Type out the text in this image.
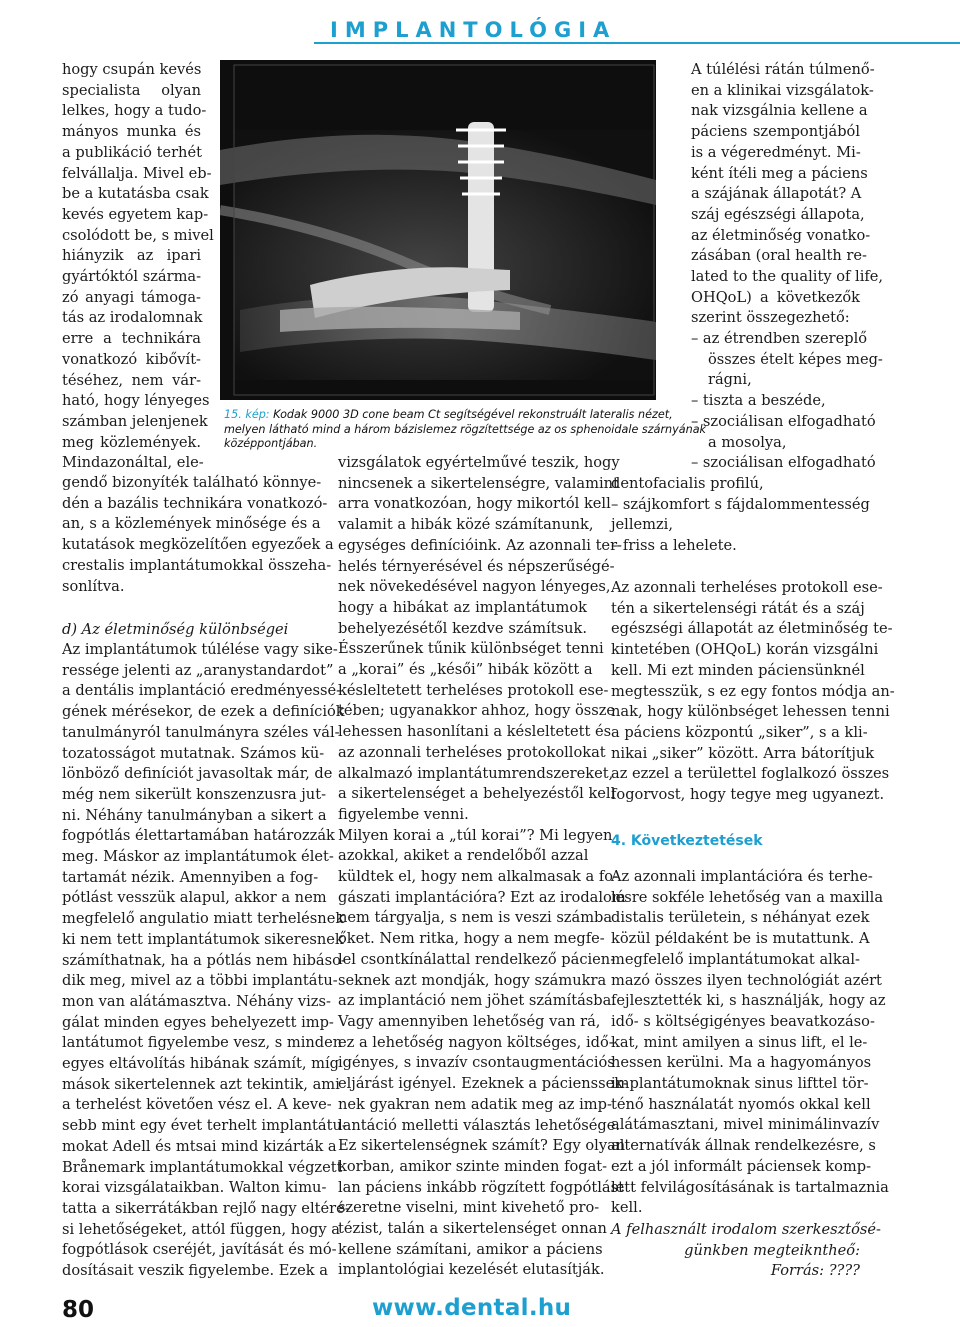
IMPLANTOLÓGIA
hogy csupán kevés
specialista olyan
lelkes, hogy a tudo-
mányos munka és
a publikáció terhét
felvállalja. Mivel eb-
be a kutatásba csak
kevés egyetem kap-
csolódott be, s mivel
hiányzik az ipari
gyártóktól szárma-
zó anyagi támoga-
tás az irodalomnak
erre a technikára
vonatkozó kibővít-
téséhez, nem vár-
ható, hogy lényeges
számban jelenjenek
meg közlemények.
Mindazonáltal, ele-
gendő bizonyíték található könnye-
dén a bazális technikára vonatkozó-
an, s a közlemények minősége és a
kutatások megközelítően egyezőek a
crestalis implantátumokkal összeha-
sonlítva.
d) Az életminőség különbségei
Az implantátumok túlélése vagy sike-
ressége jelenti az „aranystandardot”
a dentális implantáció eredményessé-
gének mérésekor, de ezek a definíciók
tanulmányról tanulmányra széles vál-
tozatosságot mutatnak. Számos kü-
lönböző definíciót javasoltak már, de
még nem sikerült konszenzusra jut-
ni. Néhány tanulmányban a sikert a
fogpótlás élettartamában határozzák
meg. Máskor az implantátumok élet-
tartamát nézik. Amennyiben a fog-
pótlást vesszük alapul, akkor a nem
megfelelő angulatio miatt terhelésnek
ki nem tett implantátumok sikeresnek
számíthatnak, ha a pótlás nem hibáso-
dik meg, mivel az a többi implantátu-
mon van alátámasztva. Néhány vizs-
gálat minden egyes behelyezett imp-
lantátumot figyelembe vesz, s minden
egyes eltávolítás hibának számít, míg
mások sikertelennek azt tekintik, ami
a terhelést követően vész el. A keve-
sebb mint egy évet terhelt implantátu-
mokat Adell és mtsai mind kizárták a
Brånemark implantátumokkal végzett
korai vizsgálataikban. Walton kimu-
tatta a sikerrátákban rejlő nagy eltéré-
si lehetőségeket, attól függen, hogy a
fogpótlások cseréjét, javítását és mó-
dosításait veszik figyelembe. Ezek a
15. kép: Kodak 9000 3D cone beam Ct segítségével rekonstruált lateralis nézet,
melyen látható mind a három bázislemez rögzítettsége az os sphenoidale szárnyának
középpontjában.
vizsgálatok egyértelművé teszik, hogy
nincsenek a sikertelenségre, valamint
arra vonatkozóan, hogy mikortól kell
valamit a hibák közé számítanunk,
egységes definícióink. Az azonnali ter-
helés térnyerésével és népszerűségé-
nek növekedésével nagyon lényeges,
hogy a hibákat az implantátumok
behelyezésétől kezdve számítsuk.
Ésszerűnek tűnik különbséget tenni
a „korai” és „késői” hibák között a
késleltetett terheléses protokoll ese-
tében; ugyanakkor ahhoz, hogy össze
lehessen hasonlítani a késleltetett és
az azonnali terheléses protokollokat
alkalmazó implantátumrendszereket,
a sikertelenséget a behelyezéstől kell
figyelembe venni.
Milyen korai a „túl korai”? Mi legyen
azokkal, akiket a rendelőből azzal
küldtek el, hogy nem alkalmasak a fo-
gászati implantációra? Ezt az irodalom
nem tárgyalja, s nem is veszi számba
őket. Nem ritka, hogy a nem megfe-
lel csontkínálattal rendelkező pácien-
seknek azt mondják, hogy számukra
az implantáció nem jöhet számításba.
Vagy amennyiben lehetőség van rá,
ez a lehetőség nagyon költséges, idő-
igényes, s invazív csontaugmentációs
eljárást igényel. Ezeknek a pácienssek-
nek gyakran nem adatik meg az imp-
lantáció melletti választás lehetősége.
Ez sikertelenségnek számít? Egy olyan
korban, amikor szinte minden fogat-
lan páciens inkább rögzített fogpótlást
szeretne viselni, mint kivehető pro-
tézist, talán a sikertelenséget onnan
kellene számítani, amikor a páciens
implantológiai kezelését elutasítják.
A túlélési rátán túlmenő-
en a klinikai vizsgálatok-
nak vizsgálnia kellene a
páciens szempontjából
is a végeredményt. Mi-
ként ítéli meg a páciens
a szájának állapotát? A
száj egészségi állapota,
az életminőség vonatko-
zásában (oral health re-
lated to the quality of life,
OHQoL) a következők
szerint összegezhető:
– az étrendben szereplő
összes ételt képes meg-
rágni,
– tiszta a beszéde,
– szociálisan elfogadható
a mosolya,
– szociálisan elfogadható
dentofacialis profilú,
– szájkomfort s fájdalommentesség
jellemzi,
– friss a lehelete.
Az azonnali terheléses protokoll ese-
tén a sikertelenségi rátát és a száj
egészségi állapotát az életminőség te-
kintetében (OHQoL) korán vizsgálni
kell. Mi ezt minden páciensünknél
megtesszük, s ez egy fontos módja an-
nak, hogy különbséget lehessen tenni
a páciens központú „siker”, s a kli-
nikai „siker” között. Arra bátorítjuk
az ezzel a területtel foglalkozó összes
fogorvost, hogy tegye meg ugyanezt.
4. Következtetések
Az azonnali implantációra és terhe-
lésre sokféle lehetőség van a maxilla
distalis területein, s néhányat ezek
közül példaként be is mutattunk. A
megfelelő implantátumokat alkal-
mazó összes ilyen technológiát azért
fejlesztették ki, s használják, hogy az
idő- s költségigényes beavatkozáso-
kat, mint amilyen a sinus lift, el le-
hessen kerülni. Ma a hagyományos
implantátumoknak sinus lifttel tör-
ténő használatát nyomós okkal kell
alátámasztani, mivel minimálinvazív
alternatívák állnak rendelkezésre, s
ezt a jól informált páciensek komp-
lett felvilágosításának is tartalmaznia
kell.
A felhasznált irodalom szerkesztősé-
günkben megteikntheő:
Forrás: ????
80	www.dental.hu
